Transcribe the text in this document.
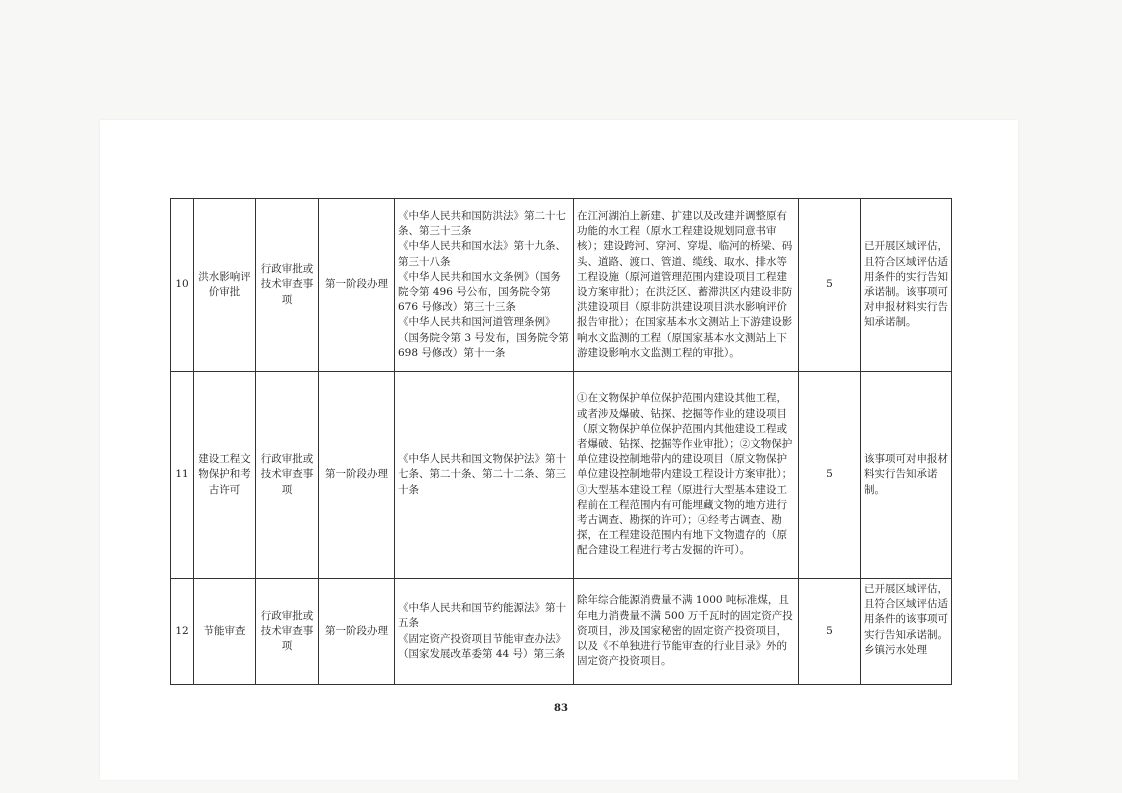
10	洪水影响评价审批	行政审批或技术审查事项	第一阶段办理	《中华人民共和国防洪法》第二十七条、第三十三条
《中华人民共和国水法》第十九条、第三十八条
《中华人民共和国水文条例》（国务院令第 496 号公布，国务院令第 676 号修改）第三十三条
《中华人民共和国河道管理条例》（国务院令第 3 号发布，国务院令第 698 号修改）第十一条	在江河湖泊上新建、扩建以及改建并调整原有功能的水工程（原水工程建设规划同意书审核）；建设跨河、穿河、穿堤、临河的桥梁、码头、道路、渡口、管道、缆线、取水、排水等工程设施（原河道管理范围内建设项目工程建设方案审批）；在洪泛区、蓄滞洪区内建设非防洪建设项目（原非防洪建设项目洪水影响评价报告审批）；在国家基本水文测站上下游建设影响水文监测的工程（原国家基本水文测站上下游建设影响水文监测工程的审批）。	5	已开展区域评估，且符合区域评估适用条件的实行告知承诺制。该事项可对申报材料实行告知承诺制。
11	建设工程文物保护和考古许可	行政审批或技术审查事项	第一阶段办理	《中华人民共和国文物保护法》第十七条、第二十条、第二十二条、第三十条	①在文物保护单位保护范围内建设其他工程，或者涉及爆破、钻探、挖掘等作业的建设项目（原文物保护单位保护范围内其他建设工程或者爆破、钻探、挖掘等作业审批）；②文物保护单位建设控制地带内的建设项目（原文物保护单位建设控制地带内建设工程设计方案审批）；③大型基本建设工程（原进行大型基本建设工程前在工程范围内有可能埋藏文物的地方进行考古调查、勘探的许可）；④经考古调查、勘探，在工程建设范围内有地下文物遗存的（原配合建设工程进行考古发掘的许可）。	5	该事项可对申报材料实行告知承诺制。
12	节能审查	行政审批或技术审查事项	第一阶段办理	《中华人民共和国节约能源法》第十五条
《固定资产投资项目节能审查办法》（国家发展改革委第 44 号）第三条	除年综合能源消费量不满 1000 吨标准煤，且年电力消费量不满 500 万千瓦时的固定资产投资项目，涉及国家秘密的固定资产投资项目，以及《不单独进行节能审查的行业目录》外的固定资产投资项目。	5	已开展区域评估，且符合区域评估适用条件的该事项可实行告知承诺制。乡镇污水处理
83
